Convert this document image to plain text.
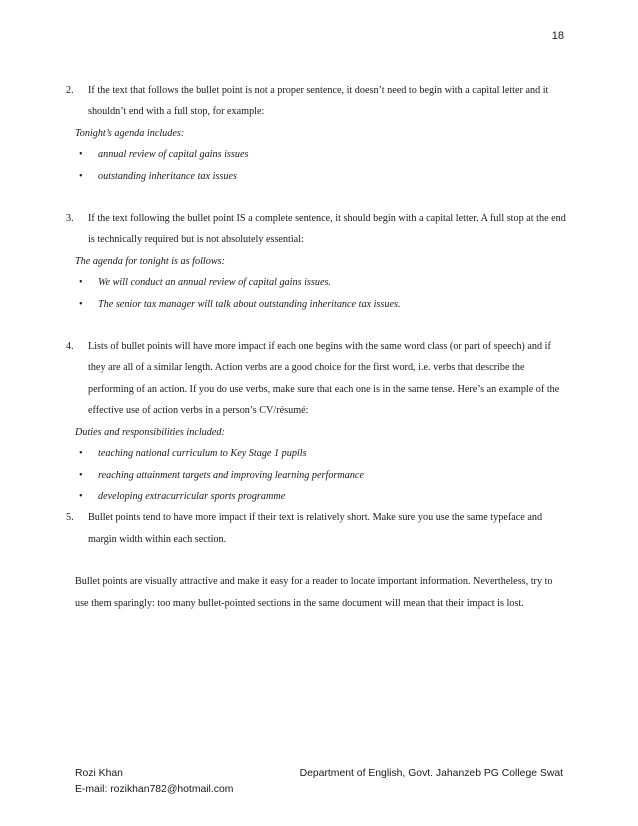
18
2. If the text that follows the bullet point is not a proper sentence, it doesn’t need to begin with a capital letter and it shouldn’t end with a full stop, for example:
Tonight’s agenda includes:
• annual review of capital gains issues
• outstanding inheritance tax issues
3. If the text following the bullet point IS a complete sentence, it should begin with a capital letter. A full stop at the end is technically required but is not absolutely essential:
The agenda for tonight is as follows:
• We will conduct an annual review of capital gains issues.
• The senior tax manager will talk about outstanding inheritance tax issues.
4. Lists of bullet points will have more impact if each one begins with the same word class (or part of speech) and if they are all of a similar length. Action verbs are a good choice for the first word, i.e. verbs that describe the performing of an action. If you do use verbs, make sure that each one is in the same tense. Here’s an example of the effective use of action verbs in a person’s CV/résumé:
Duties and responsibilities included:
• teaching national curriculum to Key Stage 1 pupils
• reaching attainment targets and improving learning performance
• developing extracurricular sports programme
5. Bullet points tend to have more impact if their text is relatively short. Make sure you use the same typeface and margin width within each section.
Bullet points are visually attractive and make it easy for a reader to locate important information. Nevertheless, try to use them sparingly: too many bullet-pointed sections in the same document will mean that their impact is lost.
Rozi Khan	Department of English, Govt. Jahanzeb PG College Swat
E-mail: rozikhan782@hotmail.com
